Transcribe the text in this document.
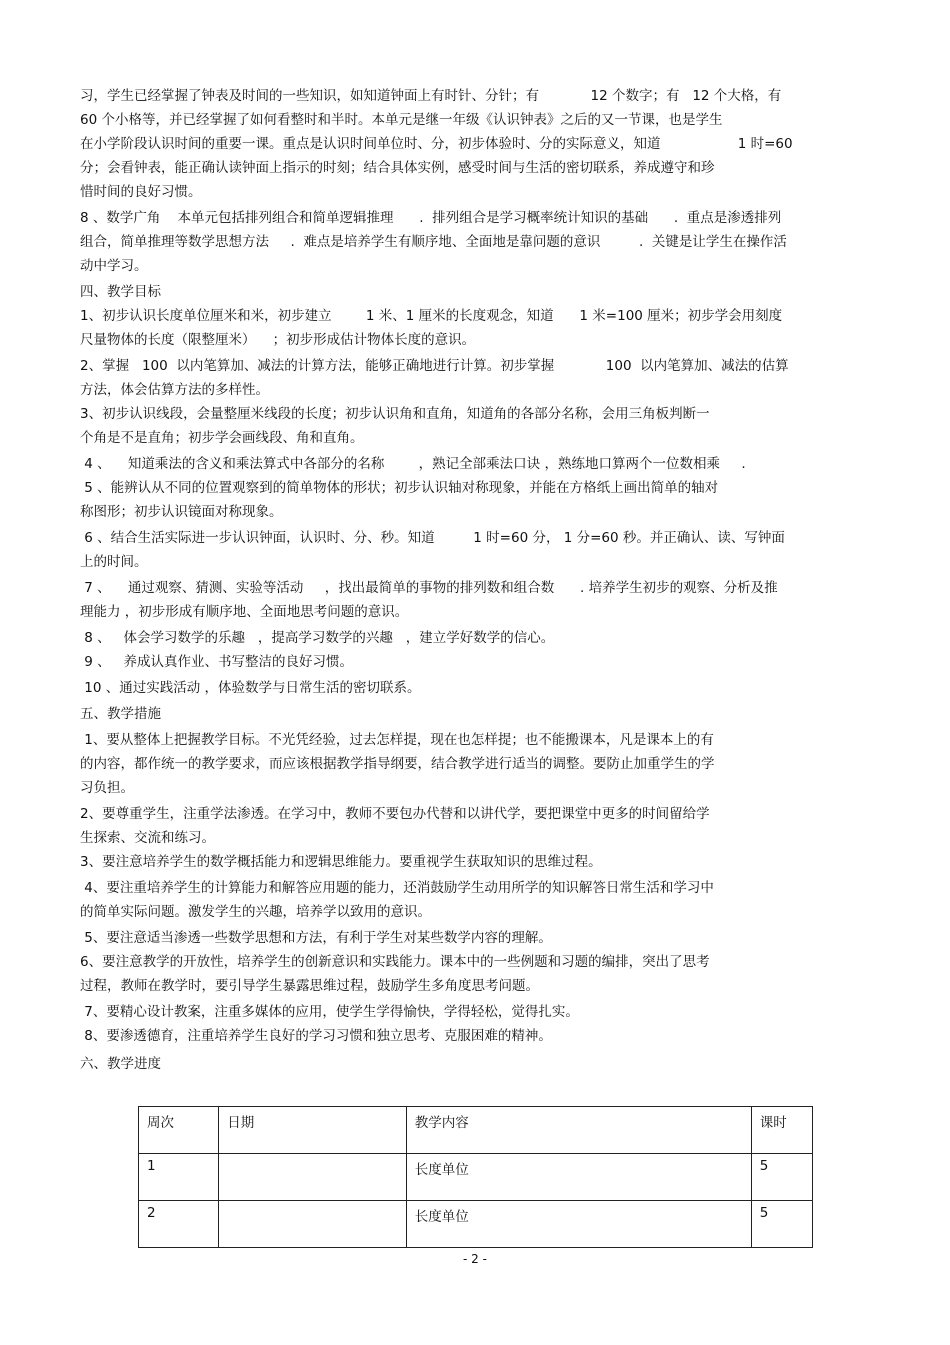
习，学生已经掌握了钟表及时间的一些知识，如知道钟面上有时针、分针；有            12 个数字；有   12 个大格，有
60 个小格等，并已经掌握了如何看整时和半时。本单元是继一年级《认识钟表》之后的又一节课，也是学生
在小学阶段认识时间的重要一课。重点是认识时间单位时、分，初步体验时、分的实际意义，知道                  1 时=60
分；会看钟表，能正确认读钟面上指示的时刻；结合具体实例，感受时间与生活的密切联系，养成遵守和珍
惜时间的良好习惯。
8 、数学广角    本单元包括排列组合和简单逻辑推理      .  排列组合是学习概率统计知识的基础      .  重点是渗透排列
组合，简单推理等数学思想方法     .  难点是培养学生有顺序地、全面地是靠问题的意识         .  关键是让学生在操作活
动中学习。
四、教学目标
1、初步认识长度单位厘米和米，初步建立        1 米、1 厘米的长度观念，知道      1 米=100 厘米；初步学会用刻度
尺量物体的长度（限整厘米）    ；初步形成估计物体长度的意识。
2、掌握   100  以内笔算加、减法的计算方法，能够正确地进行计算。初步掌握            100  以内笔算加、减法的估算
方法，体会估算方法的多样性。
3、初步认识线段，会量整厘米线段的长度；初步认识角和直角，知道角的各部分名称，会用三角板判断一
个角是不是直角；初步学会画线段、角和直角。
4 、    知道乘法的含义和乘法算式中各部分的名称        ，熟记全部乘法口诀 ，熟练地口算两个一位数相乘     .
5 、能辨认从不同的位置观察到的简单物体的形状；初步认识轴对称现象，并能在方格纸上画出简单的轴对
称图形；初步认识镜面对称现象。
6 、结合生活实际进一步认识钟面，认识时、分、秒。知道         1 时=60 分， 1 分=60 秒。并正确认、读、写钟面
上的时间。
7 、    通过观察、猜测、实验等活动     ，找出最简单的事物的排列数和组合数      . 培养学生初步的观察、分析及推
理能力 ，初步形成有顺序地、全面地思考问题的意识。
8 、   体会学习数学的乐趣   ，提高学习数学的兴趣   ，建立学好数学的信心。
9 、   养成认真作业、书写整洁的良好习惯。
10 、通过实践活动 ，体验数学与日常生活的密切联系。
五、教学措施
1、要从整体上把握教学目标。不光凭经验，过去怎样提，现在也怎样提；也不能搬课本，凡是课本上的有
的内容，都作统一的教学要求，而应该根据教学指导纲要，结合教学进行适当的调整。要防止加重学生的学
习负担。
2、要尊重学生，注重学法渗透。在学习中，教师不要包办代替和以讲代学，要把课堂中更多的时间留给学
生探索、交流和练习。
3、要注意培养学生的数学概括能力和逻辑思维能力。要重视学生获取知识的思维过程。
4、要注重培养学生的计算能力和解答应用题的能力，还消鼓励学生动用所学的知识解答日常生活和学习中
的简单实际问题。激发学生的兴趣，培养学以致用的意识。
5、要注意适当渗透一些数学思想和方法，有利于学生对某些数学内容的理解。
6、要注意教学的开放性，培养学生的创新意识和实践能力。课本中的一些例题和习题的编排，突出了思考
过程，教师在教学时，要引导学生暴露思维过程，鼓励学生多角度思考问题。
7、要精心设计教案，注重多媒体的应用，使学生学得愉快，学得轻松，觉得扎实。
8、要渗透德育，注重培养学生良好的学习习惯和独立思考、克服困难的精神。
六、教学进度
周次	日期	教学内容	课时
1		长度单位	5
2		长度单位	5
- 2 -
